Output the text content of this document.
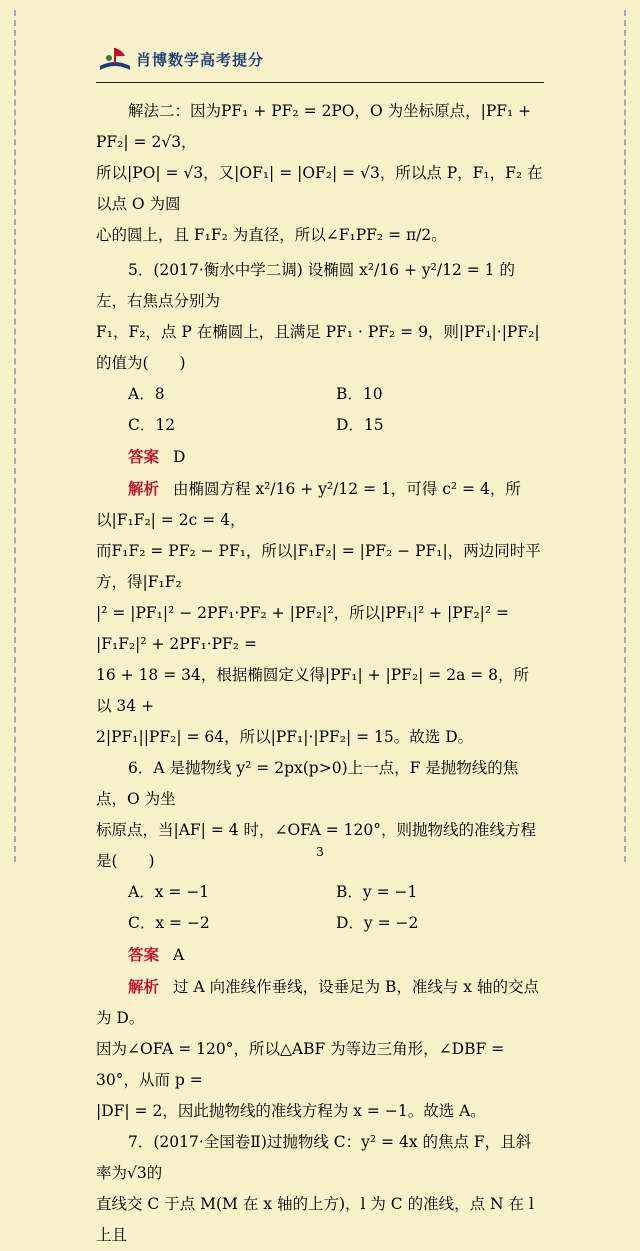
肖博数学高考提分

解法二：因为PF₁ + PF₂ = 2PO，O 为坐标原点，|PF₁ + PF₂| = 2√3，

所以|PO| = √3，又|OF₁| = |OF₂| = √3，所以点 P，F₁，F₂ 在以点 O 为圆

心的圆上，且 F₁F₂ 为直径，所以∠F₁PF₂ = π/2。

5．(2017·衡水中学二调) 设椭圆 x²/16 + y²/12 = 1 的左，右焦点分别为

F₁，F₂，点 P 在椭圆上，且满足 PF₁ · PF₂ = 9，则|PF₁|·|PF₂|的值为(　　)

A．8	B．10
C．12	D．15

答案 D

解析 由椭圆方程 x²/16 + y²/12 = 1，可得 c² = 4，所以|F₁F₂| = 2c = 4，

而F₁F₂ = PF₂ − PF₁，所以|F₁F₂| = |PF₂ − PF₁|，两边同时平方，得|F₁F₂

|² = |PF₁|² − 2PF₁·PF₂ + |PF₂|²，所以|PF₁|² + |PF₂|² = |F₁F₂|² + 2PF₁·PF₂ =

16 + 18 = 34，根据椭圆定义得|PF₁| + |PF₂| = 2a = 8，所以 34 +

2|PF₁||PF₂| = 64，所以|PF₁|·|PF₂| = 15。故选 D。

6．A 是抛物线 y² = 2px(p>0)上一点，F 是抛物线的焦点，O 为坐

标原点，当|AF| = 4 时，∠OFA = 120°，则抛物线的准线方程是(　　)

A．x = −1	B．y = −1
C．x = −2	D．y = −2

答案 A

解析 过 A 向准线作垂线，设垂足为 B，准线与 x 轴的交点为 D。

因为∠OFA = 120°，所以△ABF 为等边三角形，∠DBF = 30°，从而 p =

|DF| = 2，因此抛物线的准线方程为 x = −1。故选 A。

7．(2017·全国卷Ⅱ)过抛物线 C：y² = 4x 的焦点 F，且斜率为√3的

直线交 C 于点 M(M 在 x 轴的上方)，l 为 C 的准线，点 N 在 l 上且

3
